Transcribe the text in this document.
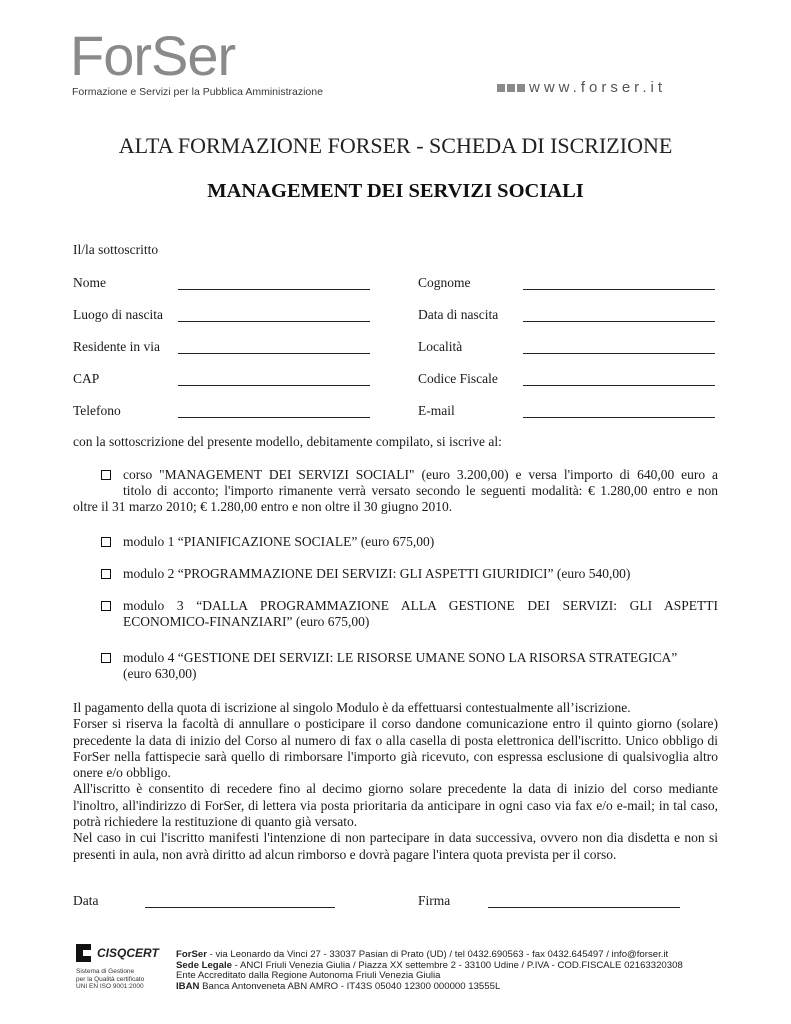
ForSer
Formazione e Servizi per la Pubblica Amministrazione	www.forser.it
ALTA FORMAZIONE FORSER - SCHEDA DI ISCRIZIONE
MANAGEMENT DEI SERVIZI SOCIALI
Il/la sottoscritto
Nome	Cognome
Luogo di nascita	Data di nascita
Residente in via	Località
CAP	Codice Fiscale
Telefono	E-mail
con la sottoscrizione del presente modello, debitamente compilato, si iscrive al:
corso "MANAGEMENT DEI SERVIZI SOCIALI" (euro 3.200,00) e versa l'importo di 640,00 euro a
titolo di acconto; l'importo rimanente verrà versato secondo le seguenti modalità: € 1.280,00 entro e non
oltre il 31 marzo 2010; € 1.280,00 entro e non oltre il 30 giugno 2010.
modulo 1 “PIANIFICAZIONE SOCIALE” (euro 675,00)
modulo 2 “PROGRAMMAZIONE DEI SERVIZI: GLI ASPETTI GIURIDICI” (euro 540,00)
modulo 3 “DALLA PROGRAMMAZIONE ALLA GESTIONE DEI SERVIZI: GLI ASPETTI
ECONOMICO-FINANZIARI” (euro 675,00)
modulo 4 “GESTIONE DEI SERVIZI: LE RISORSE UMANE SONO LA RISORSA STRATEGICA”
(euro 630,00)
Il pagamento della quota di iscrizione al singolo Modulo è da effettuarsi contestualmente all’iscrizione.
Forser si riserva la facoltà di annullare o posticipare il corso dandone comunicazione entro il quinto giorno (solare)
precedente la data di inizio del Corso al numero di fax o alla casella di posta elettronica dell'iscritto. Unico obbligo di
ForSer nella fattispecie sarà quello di rimborsare l'importo già ricevuto, con espressa esclusione di qualsivoglia altro
onere e/o obbligo.
All'iscritto è consentito di recedere fino al decimo giorno solare precedente la data di inizio del corso mediante
l'inoltro, all'indirizzo di ForSer, di lettera via posta prioritaria da anticipare in ogni caso via fax e/o e-mail; in tal caso,
potrà richiedere la restituzione di quanto già versato.
Nel caso in cui l'iscritto manifesti l'intenzione di non partecipare in data successiva, ovvero non dia disdetta e non si
presenti in aula, non avrà diritto ad alcun rimborso e dovrà pagare l'intera quota prevista per il corso.
Data	Firma
CISQCERT
Sistema di Gestione
per la Qualità certificato
UNI EN ISO 9001:2000
ForSer - via Leonardo da Vinci 27 - 33037 Pasian di Prato (UD) / tel 0432.690563 - fax 0432.645497 / info@forser.it
Sede Legale - ANCI Friuli Venezia Giulia / Piazza XX settembre 2 - 33100 Udine / P.IVA - COD.FISCALE 02163320308
Ente Accreditato dalla Regione Autonoma Friuli Venezia Giulia
IBAN Banca Antonveneta ABN AMRO - IT43S 05040 12300 000000 13555L
